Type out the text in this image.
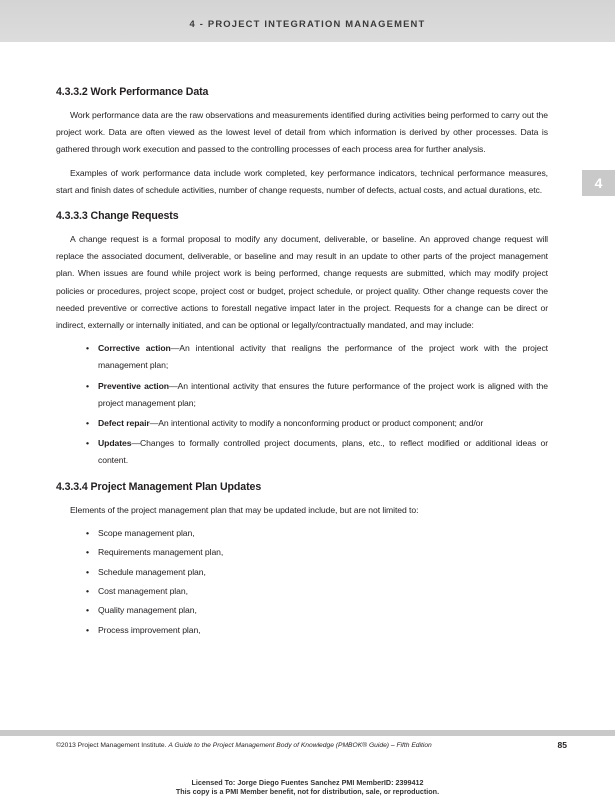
4 - PROJECT INTEGRATION MANAGEMENT
4
4.3.3.2 Work Performance Data

Work performance data are the raw observations and measurements identified during activities being performed to carry out the project work. Data are often viewed as the lowest level of detail from which information is derived by other processes. Data is gathered through work execution and passed to the controlling processes of each process area for further analysis.

Examples of work performance data include work completed, key performance indicators, technical performance measures, start and finish dates of schedule activities, number of change requests, number of defects, actual costs, and actual durations, etc.

4.3.3.3 Change Requests

A change request is a formal proposal to modify any document, deliverable, or baseline. An approved change request will replace the associated document, deliverable, or baseline and may result in an update to other parts of the project management plan. When issues are found while project work is being performed, change requests are submitted, which may modify project policies or procedures, project scope, project cost or budget, project schedule, or project quality. Other change requests cover the needed preventive or corrective actions to forestall negative impact later in the project. Requests for a change can be direct or indirect, externally or internally initiated, and can be optional or legally/contractually mandated, and may include:

• Corrective action—An intentional activity that realigns the performance of the project work with the project management plan;
• Preventive action—An intentional activity that ensures the future performance of the project work is aligned with the project management plan;
• Defect repair—An intentional activity to modify a nonconforming product or product component; and/or
• Updates—Changes to formally controlled project documents, plans, etc., to reflect modified or additional ideas or content.
4.3.3.4 Project Management Plan Updates

Elements of the project management plan that may be updated include, but are not limited to:

• Scope management plan,
• Requirements management plan,
• Schedule management plan,
• Cost management plan,
• Quality management plan,
• Process improvement plan,
©2013 Project Management Institute. A Guide to the Project Management Body of Knowledge (PMBOK® Guide) – Fifth Edition	85
Licensed To: Jorge Diego Fuentes Sanchez PMI MemberID: 2399412
This copy is a PMI Member benefit, not for distribution, sale, or reproduction.
